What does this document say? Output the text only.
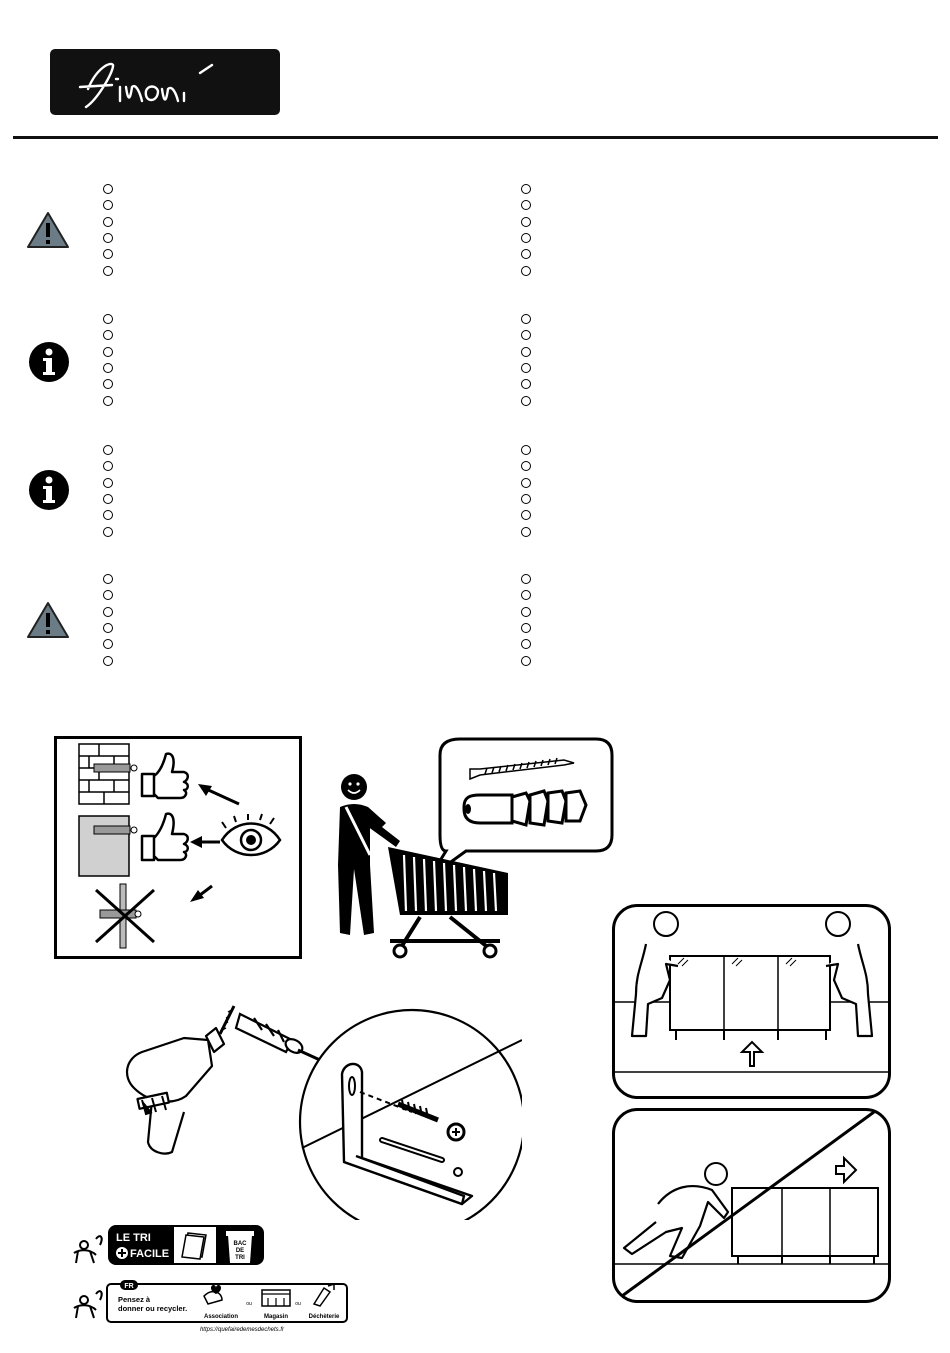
LE TRI
FACILE
BAC
DE
TRI
FR
Pensez à
donner ou recycler.
Association
ou
Magasin
ou
Déchèterie
https://quefairedemesdechets.fr
